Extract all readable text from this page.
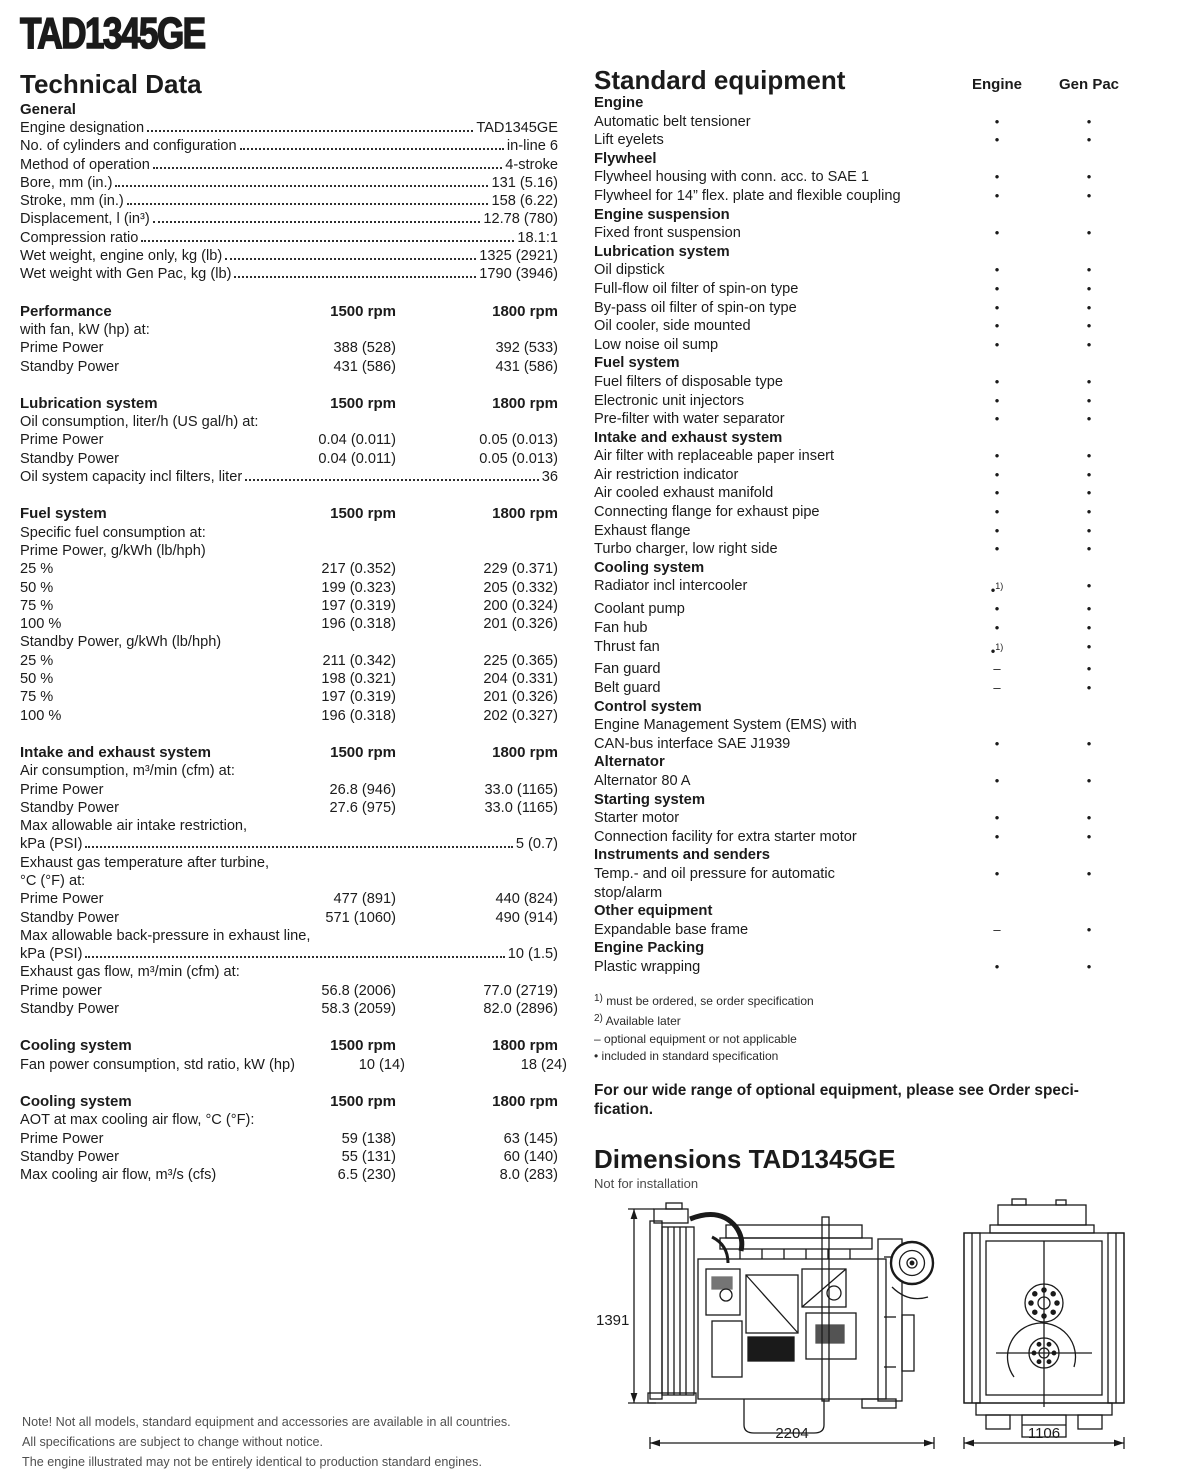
TAD1345GE
Technical Data
General
Engine designation	TAD1345GE
No. of cylinders and configuration	in-line 6
Method of operation	4-stroke
Bore, mm (in.)	131 (5.16)
Stroke, mm (in.)	158 (6.22)
Displacement, l (in³)	12.78 (780)
Compression ratio	18.1:1
Wet weight, engine only, kg (lb)	1325 (2921)
Wet weight with Gen Pac, kg (lb)	1790 (3946)
Performance	1500 rpm	1800 rpm
with fan, kW (hp) at:
Prime Power	388 (528)	392 (533)
Standby Power	431 (586)	431 (586)
Lubrication system	1500 rpm	1800 rpm
Oil consumption, liter/h (US gal/h) at:
Prime Power	0.04 (0.011)	0.05 (0.013)
Standby Power	0.04 (0.011)	0.05 (0.013)
Oil system capacity incl filters, liter	36
Fuel system	1500 rpm	1800 rpm
Specific fuel consumption at:
Prime Power, g/kWh (lb/hph)
25 %	217 (0.352)	229 (0.371)
50 %	199 (0.323)	205 (0.332)
75 %	197 (0.319)	200 (0.324)
100 %	196 (0.318)	201 (0.326)
Standby Power, g/kWh (lb/hph)
25 %	211 (0.342)	225 (0.365)
50 %	198 (0.321)	204 (0.331)
75 %	197 (0.319)	201 (0.326)
100 %	196 (0.318)	202 (0.327)
Intake and exhaust system	1500 rpm	1800 rpm
Air consumption, m³/min (cfm) at:
Prime Power	26.8 (946)	33.0 (1165)
Standby Power	27.6 (975)	33.0 (1165)
Max allowable air intake restriction,
kPa (PSI)	5 (0.7)
Exhaust gas temperature after turbine,
°C (°F) at:
Prime Power	477 (891)	440 (824)
Standby Power	571 (1060)	490 (914)
Max allowable back-pressure in exhaust line,
kPa (PSI)	10 (1.5)
Exhaust gas flow, m³/min (cfm) at:
Prime power	56.8 (2006)	77.0 (2719)
Standby Power	58.3 (2059)	82.0 (2896)
Cooling system	1500 rpm	1800 rpm
Fan power consumption, std ratio, kW (hp)	10 (14)	18 (24)
Cooling system	1500 rpm	1800 rpm
AOT at max cooling air flow, °C (°F):
Prime Power	59 (138)	63 (145)
Standby Power	55 (131)	60 (140)
Max cooling air flow, m³/s (cfs)	6.5 (230)	8.0 (283)
Standard equipment	Engine	Gen Pac
Engine
Automatic belt tensioner	•	•
Lift eyelets	•	•
Flywheel
Flywheel housing with conn. acc. to SAE 1	•	•
Flywheel for 14” flex. plate and flexible coupling	•	•
Engine suspension
Fixed front suspension	•	•
Lubrication system
Oil dipstick	•	•
Full-flow oil filter of spin-on type	•	•
By-pass oil filter of spin-on type	•	•
Oil cooler, side mounted	•	•
Low noise oil sump	•	•
Fuel system
Fuel filters of disposable type	•	•
Electronic unit injectors	•	•
Pre-filter with water separator	•	•
Intake and exhaust system
Air filter with replaceable paper insert	•	•
Air restriction indicator	•	•
Air cooled exhaust manifold	•	•
Connecting flange for exhaust pipe	•	•
Exhaust flange	•	•
Turbo charger, low right side	•	•
Cooling system
Radiator incl intercooler	•$^{1)}$	•
Coolant pump	•	•
Fan hub	•	•
Thrust fan	•$^{1)}$	•
Fan guard	–	•
Belt guard	–	•
Control system
Engine Management System (EMS) with
CAN-bus interface SAE J1939	•	•
Alternator
Alternator 80 A	•	•
Starting system
Starter motor	•	•
Connection facility for extra starter motor	•	•
Instruments and senders
Temp.- and oil pressure for automatic	•	•
stop/alarm
Other equipment
Expandable base frame	–	•
Engine Packing
Plastic wrapping	•	•
$^{1)}$ must be ordered, se order specification
$^{2)}$ Available later
– optional equipment or not applicable
• included in standard specification

For our wide range of optional equipment, please see Order speci-
fication.

Dimensions TAD1345GE
Not for installation
1391
2204	1106
Note! Not all models, standard equipment and accessories are available in all countries.
All specifications are subject to change without notice.
The engine illustrated may not be entirely identical to production standard engines.
